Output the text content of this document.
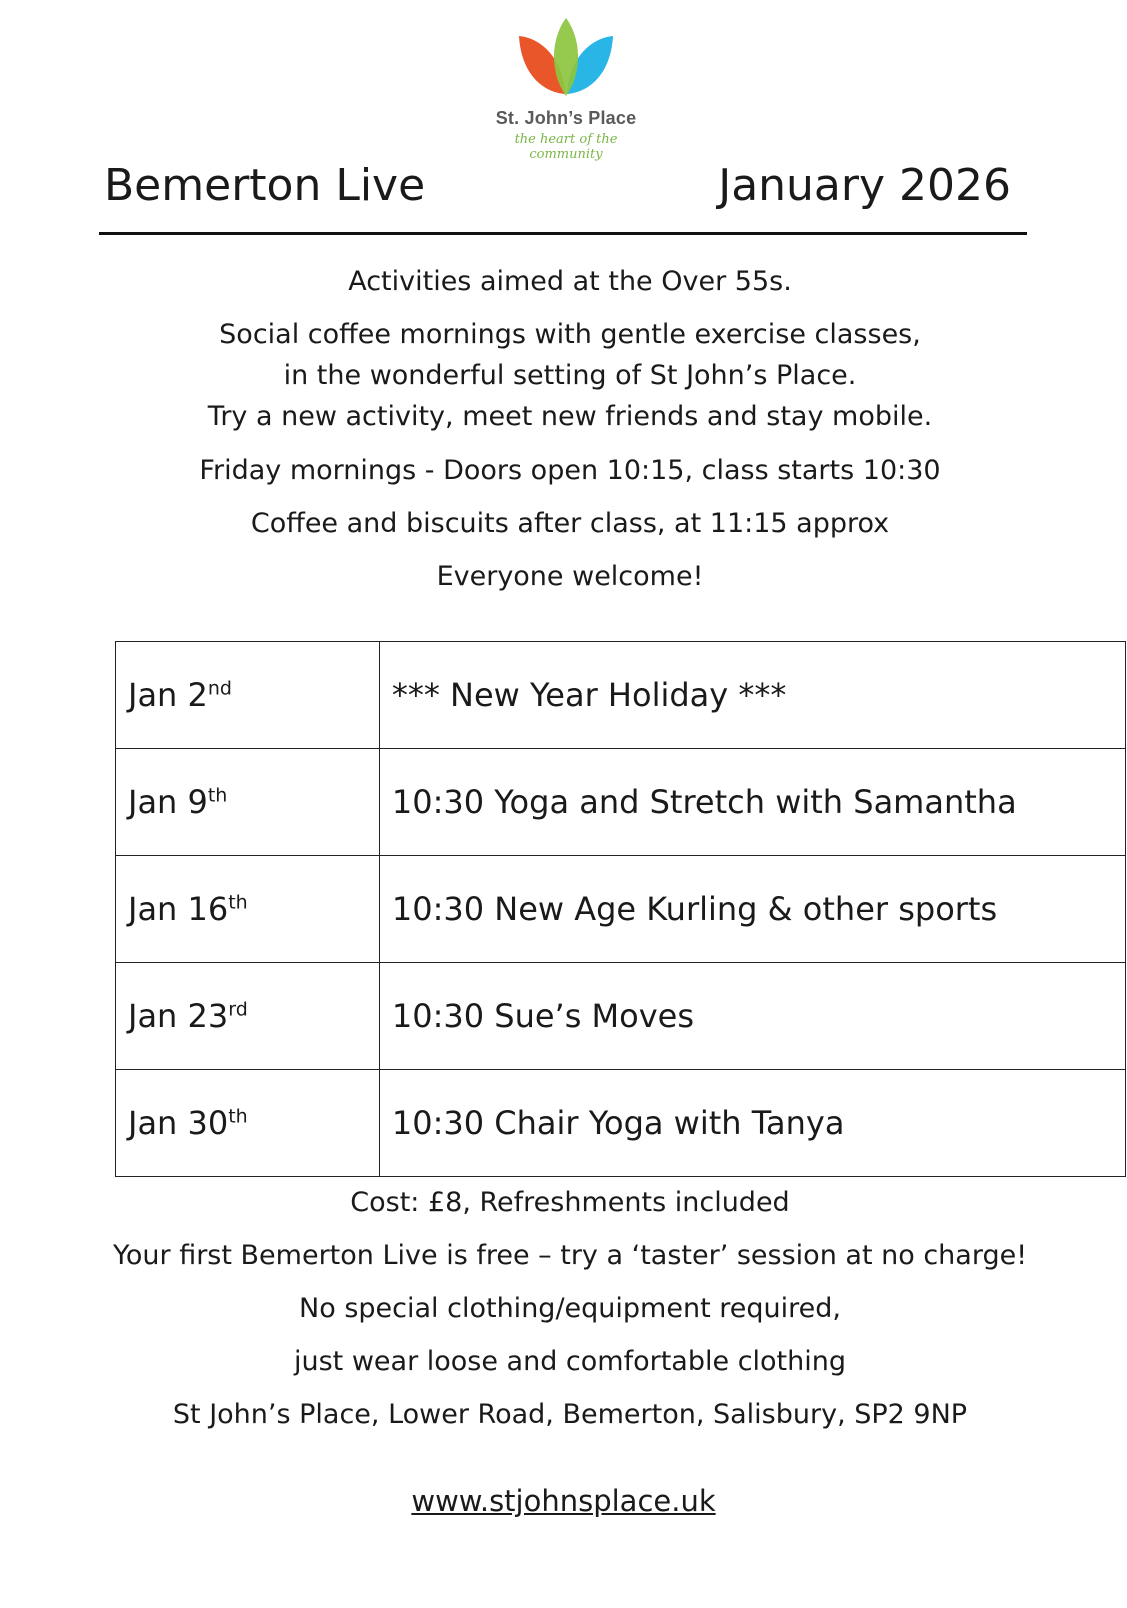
St. John’s Place
the heart of the community
Bemerton Live	January 2026
Activities aimed at the Over 55s.
Social coffee mornings with gentle exercise classes,
in the wonderful setting of St John’s Place.
Try a new activity, meet new friends and stay mobile.
Friday mornings - Doors open 10:15, class starts 10:30
Coffee and biscuits after class, at 11:15 approx
Everyone welcome!
Jan 2nd	*** New Year Holiday ***
Jan 9th	10:30 Yoga and Stretch with Samantha
Jan 16th	10:30 New Age Kurling & other sports
Jan 23rd	10:30 Sue’s Moves
Jan 30th	10:30 Chair Yoga with Tanya
Cost: £8, Refreshments included
Your first Bemerton Live is free – try a ‘taster’ session at no charge!
No special clothing/equipment required,
just wear loose and comfortable clothing
St John’s Place, Lower Road, Bemerton, Salisbury, SP2 9NP
www.stjohnsplace.uk
